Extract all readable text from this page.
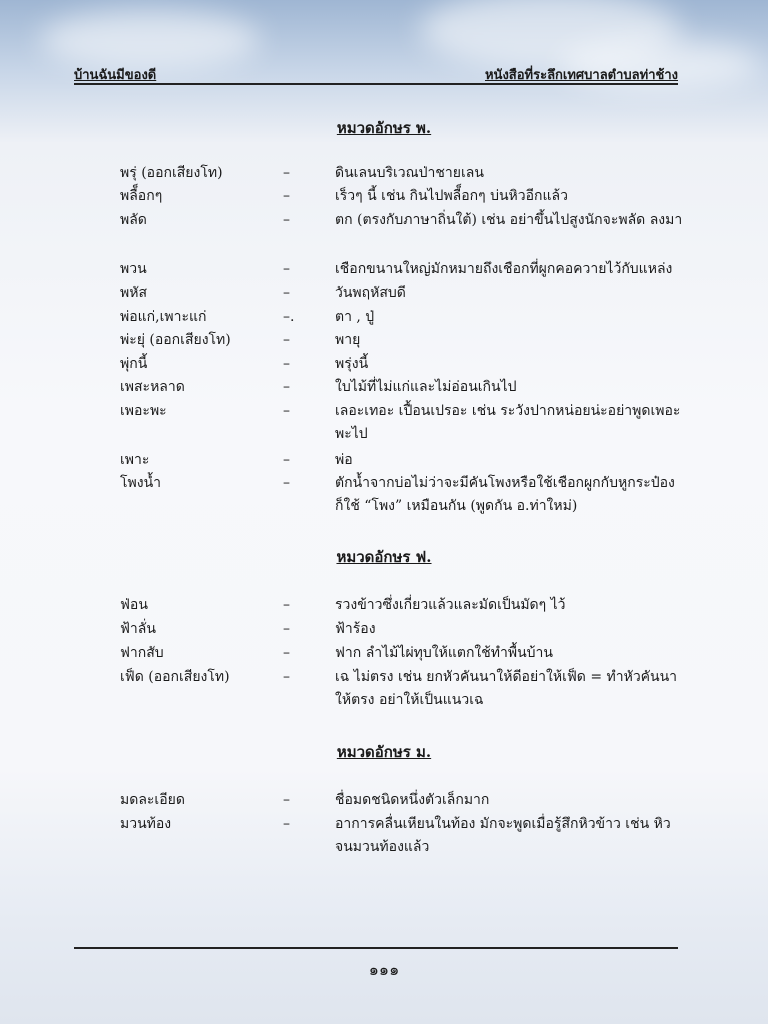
บ้านฉันมีของดี	หนังสือที่ระลึกเทศบาลตำบลท่าช้าง
หมวดอักษร พ.
พรุ่ (ออกเสียงโท)	–	ดินเลนบริเวณป่าชายเลน
พลื็อกๆ	–	เร็วๆ นี้ เช่น กินไปพลื็อกๆ บ่นหิวอีกแล้ว
พลัด	–	ตก (ตรงกับภาษาถิ่นใต้) เช่น อย่าขึ้นไปสูงนักจะพลัด ลงมา
พวน	–	เชือกขนานใหญ่มักหมายถึงเชือกที่ผูกคอควายไว้กับแหล่ง
พหัส	–	วันพฤหัสบดี
พ่อแก่,เพาะแก่	–.	ตา , ปู่
พ่ะยุ่ (ออกเสียงโท)	–	พายุ
พุ่กนี้	–	พรุ่งนี้
เพสะหลาด	–	ใบไม้ที่ไม่แก่และไม่อ่อนเกินไป
เพอะพะ	–	เลอะเทอะ เปื้อนเปรอะ เช่น ระวังปากหน่อยน่ะอย่าพูดเพอะพะไป
เพาะ	–	พ่อ
โพงน้ำ	–	ตักน้ำจากบ่อไม่ว่าจะมีคันโพงหรือใช้เชือกผูกกับหูกระป๋อง ก็ใช้ “โพง” เหมือนกัน (พูดกัน อ.ท่าใหม่)
หมวดอักษร ฟ.
ฟ่อน	–	รวงข้าวซึ่งเกี่ยวแล้วและมัดเป็นมัดๆ ไว้
ฟ้าลั่น	–	ฟ้าร้อง
ฟากสับ	–	ฟาก ลำไม้ไผ่ทุบให้แตกใช้ทำพื้นบ้าน
เฟ็ด (ออกเสียงโท)	–	เฉ ไม่ตรง เช่น ยกหัวคันนาให้ดีอย่าให้เฟ็ด = ทำหัวคันนาให้ตรง อย่าให้เป็นแนวเฉ
หมวดอักษร ม.
มดละเอียด	–	ชื่อมดชนิดหนึ่งตัวเล็กมาก
มวนท้อง	–	อาการคลื่นเหียนในท้อง มักจะพูดเมื่อรู้สึกหิวข้าว เช่น หิวจนมวนท้องแล้ว
๑๑๑
